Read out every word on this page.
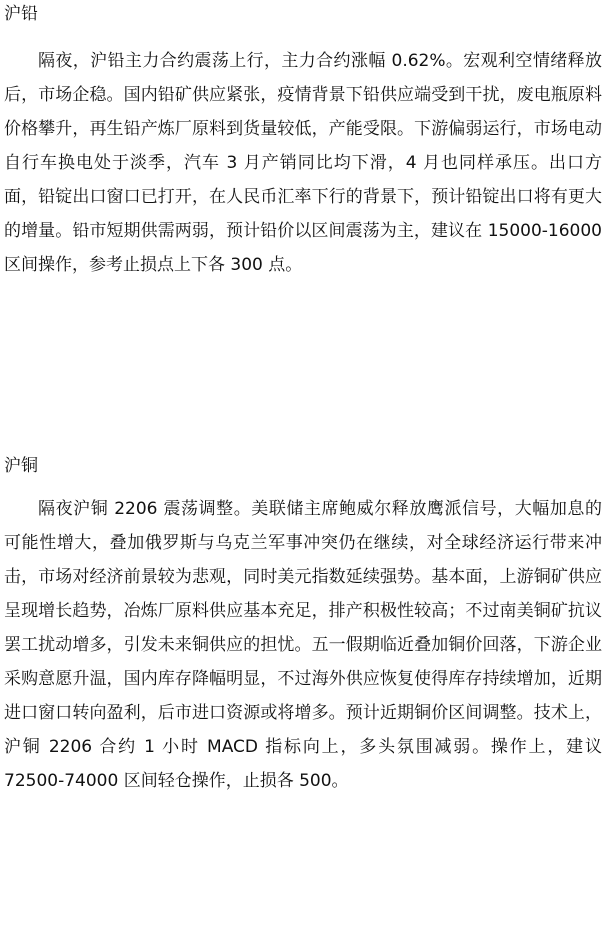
沪铅

隔夜，沪铅主力合约震荡上行，主力合约涨幅 0.62%。宏观利空情绪释放后，市场企稳。国内铅矿供应紧张，疫情背景下铅供应端受到干扰，废电瓶原料价格攀升，再生铅产炼厂原料到货量较低，产能受限。下游偏弱运行，市场电动自行车换电处于淡季，汽车 3 月产销同比均下滑，4 月也同样承压。出口方面，铅锭出口窗口已打开，在人民币汇率下行的背景下，预计铅锭出口将有更大的增量。铅市短期供需两弱，预计铅价以区间震荡为主，建议在 15000-16000 区间操作，参考止损点上下各 300 点。

沪铜

隔夜沪铜 2206 震荡调整。美联储主席鲍威尔释放鹰派信号，大幅加息的可能性增大，叠加俄罗斯与乌克兰军事冲突仍在继续，对全球经济运行带来冲击，市场对经济前景较为悲观，同时美元指数延续强势。基本面，上游铜矿供应呈现增长趋势，冶炼厂原料供应基本充足，排产积极性较高；不过南美铜矿抗议罢工扰动增多，引发未来铜供应的担忧。五一假期临近叠加铜价回落，下游企业采购意愿升温，国内库存降幅明显，不过海外供应恢复使得库存持续增加，近期进口窗口转向盈利，后市进口资源或将增多。预计近期铜价区间调整。技术上，沪铜 2206 合约 1 小时 MACD 指标向上，多头氛围减弱。操作上，建议 72500-74000 区间轻仓操作，止损各 500。
